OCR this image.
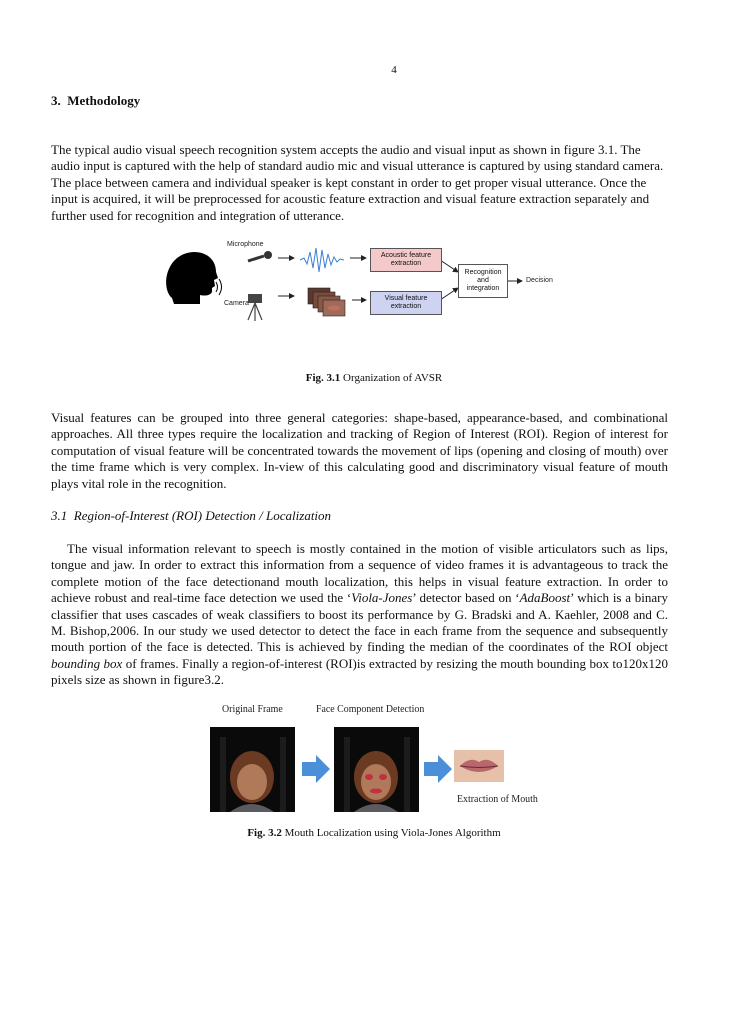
4
3. Methodology

The typical audio visual speech recognition system accepts the audio and visual input as shown in figure 3.1. The audio input is captured with the help of standard audio mic and visual utterance is captured by using standard camera. The place between camera and individual speaker is kept constant in order to get proper visual utterance. Once the input is acquired, it will be preprocessed for acoustic feature extraction and visual feature extraction separately and further used for recognition and integration of utterance.

Microphone
Camera
Acoustic feature
extraction
Visual feature
extraction
Recognition
and
integration
Decision
Fig. 3.1 Organization of AVSR

Visual features can be grouped into three general categories: shape-based, appearance-based, and combinational approaches. All three types require the localization and tracking of Region of Interest (ROI). Region of interest for computation of visual feature will be concentrated towards the movement of lips (opening and closing of mouth) over the time frame which is very complex. In-view of this calculating good and discriminatory visual feature of mouth plays vital role in the recognition.

3.1 Region-of-Interest (ROI) Detection / Localization

The visual information relevant to speech is mostly contained in the motion of visible articulators such as lips, tongue and jaw. In order to extract this information from a sequence of video frames it is advantageous to track the complete motion of the face detectionand mouth localization, this helps in visual feature extraction. In order to achieve robust and real-time face detection we used the ‘Viola-Jones’ detector based on ‘AdaBoost’ which is a binary classifier that uses cascades of weak classifiers to boost its performance by G. Bradski and A. Kaehler, 2008 and C. M. Bishop,2006. In our study we used detector to detect the face in each frame from the sequence and subsequently mouth portion of the face is detected. This is achieved by finding the median of the coordinates of the ROI object bounding box of frames. Finally a region-of-interest (ROI)is extracted by resizing the mouth bounding box to120x120 pixels size as shown in figure3.2.

Original Frame	Face Component Detection
Extraction of Mouth
Fig. 3.2 Mouth Localization using Viola-Jones Algorithm
